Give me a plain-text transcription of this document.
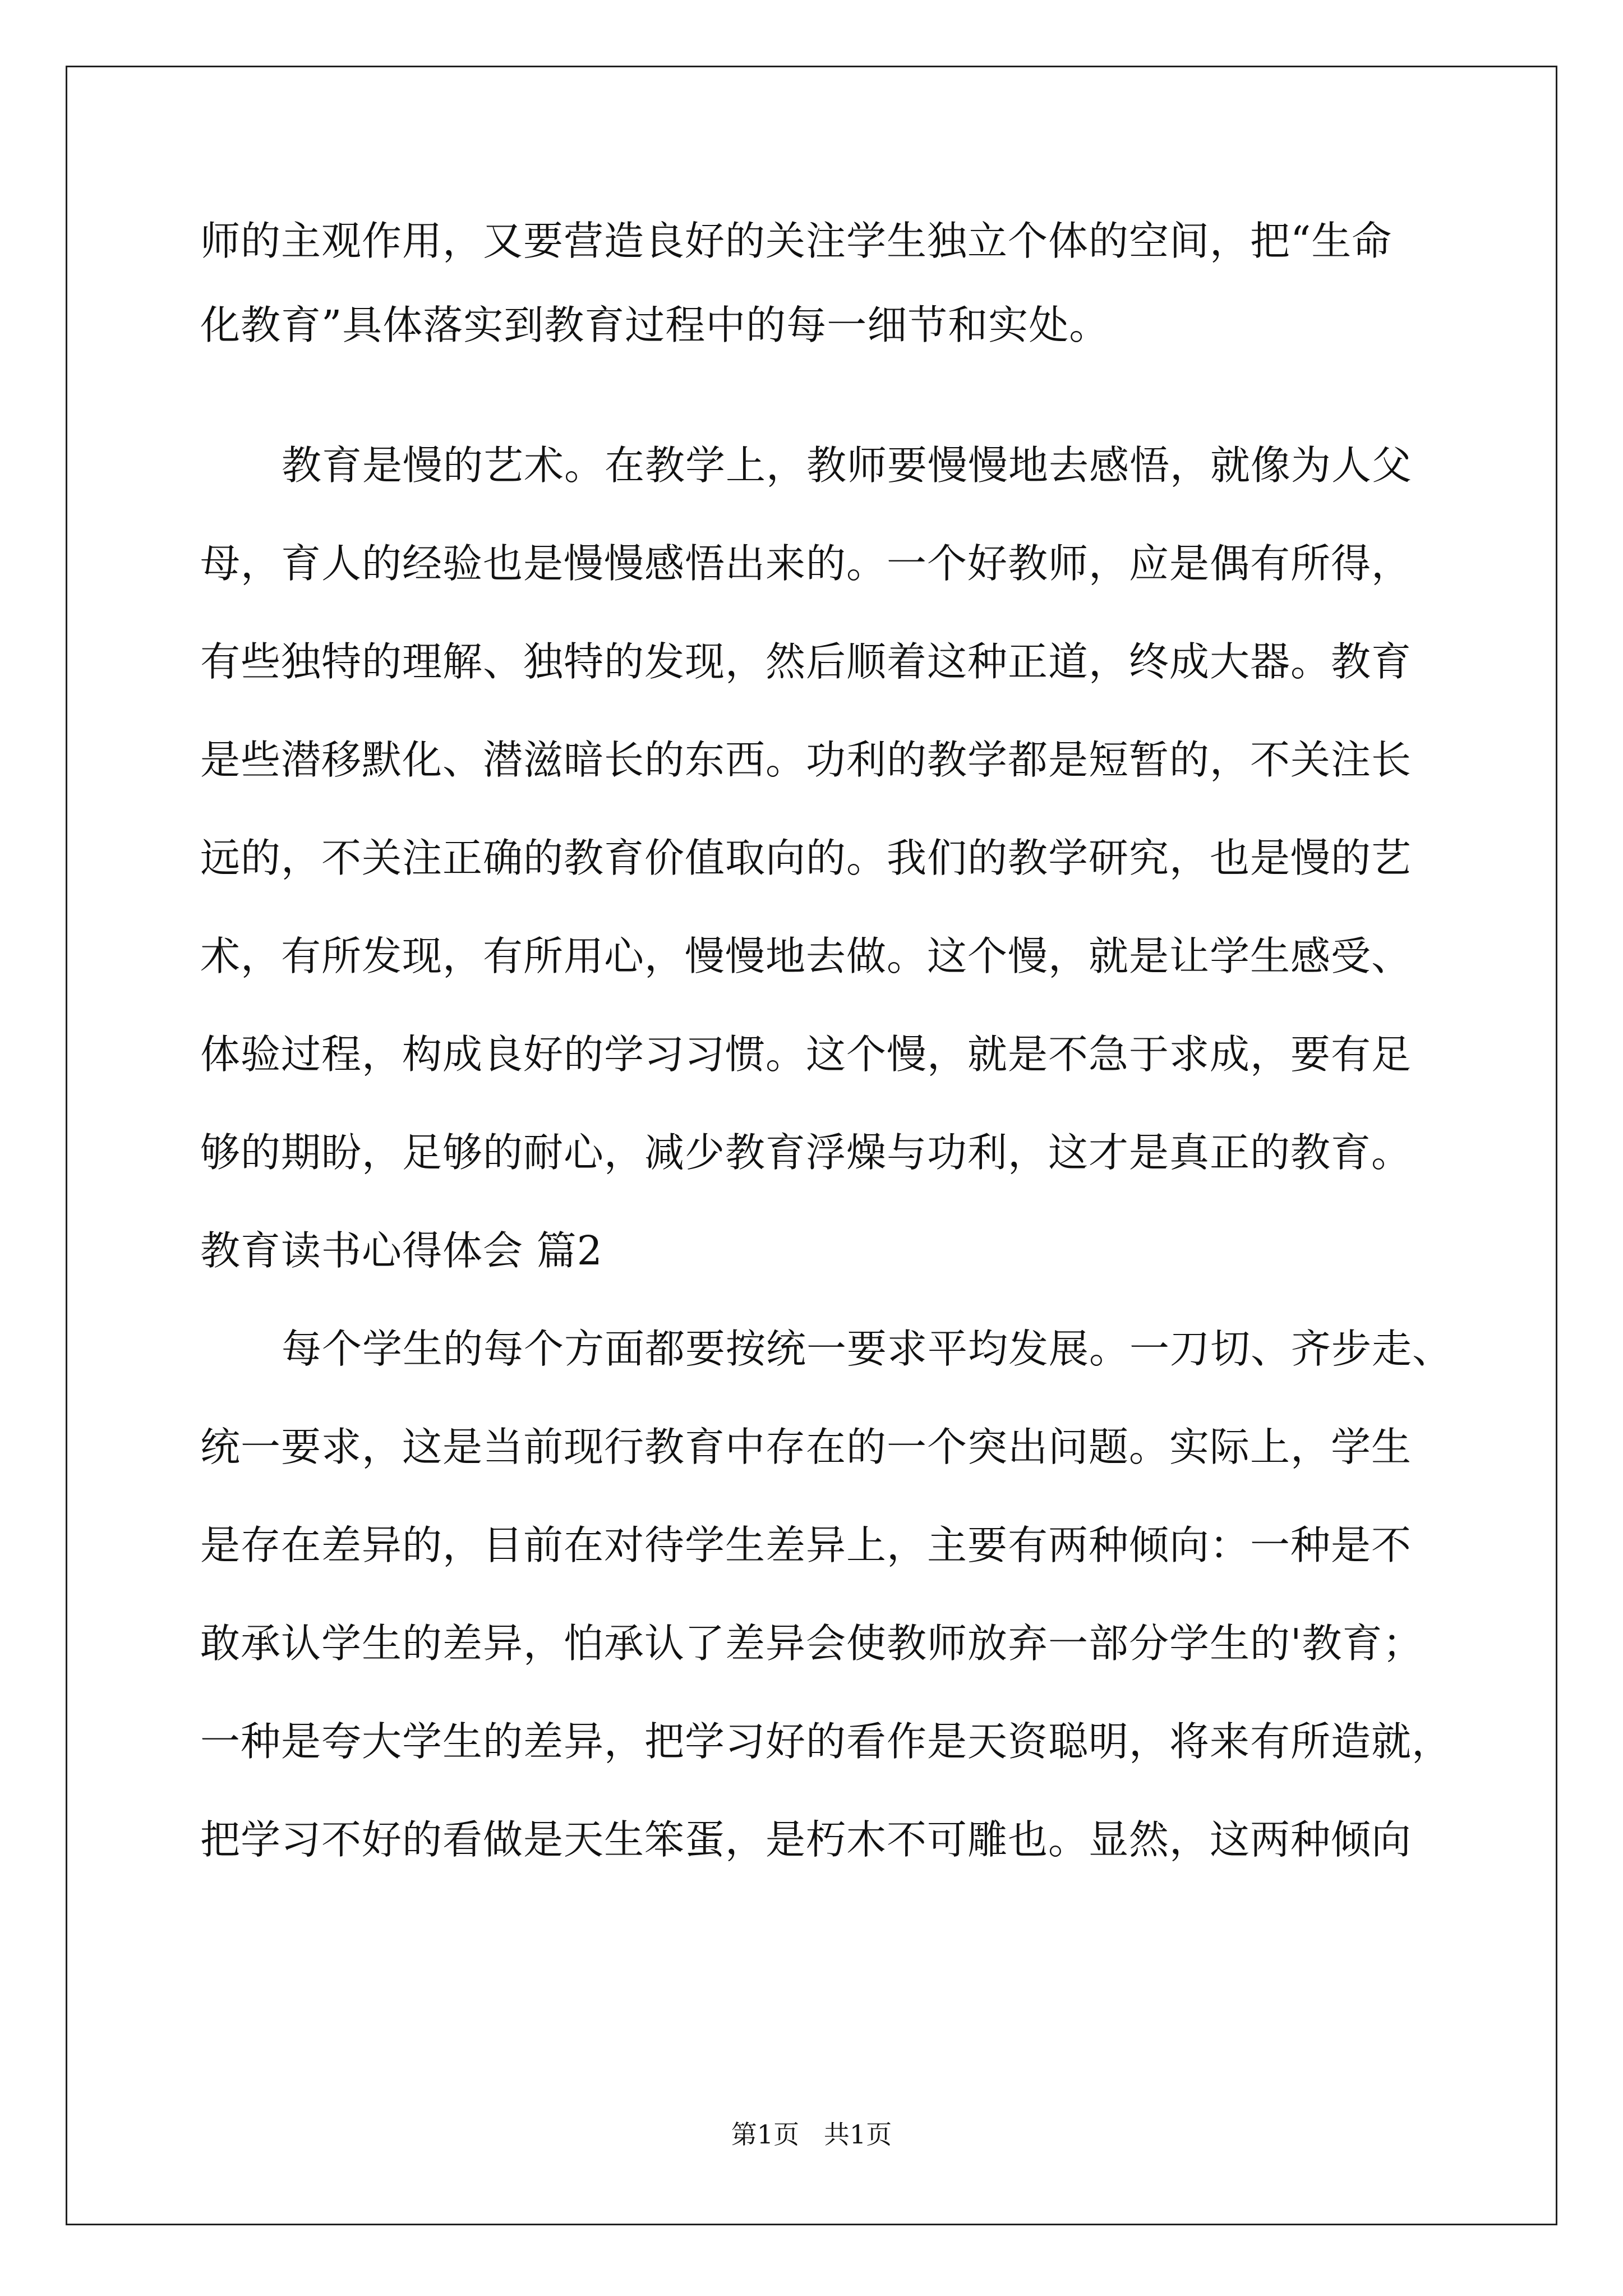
师的主观作用，又要营造良好的关注学生独立个体的空间，把“生命

化教育”具体落实到教育过程中的每一细节和实处。

教育是慢的艺术。在教学上，教师要慢慢地去感悟，就像为人父

母，育人的经验也是慢慢感悟出来的。一个好教师，应是偶有所得，

有些独特的理解、独特的发现，然后顺着这种正道，终成大器。教育

是些潜移默化、潜滋暗长的东西。功利的教学都是短暂的，不关注长

远的，不关注正确的教育价值取向的。我们的教学研究，也是慢的艺

术，有所发现，有所用心，慢慢地去做。这个慢，就是让学生感受、

体验过程，构成良好的学习习惯。这个慢，就是不急于求成，要有足

够的期盼，足够的耐心，减少教育浮燥与功利，这才是真正的教育。

教育读书心得体会 篇2

每个学生的每个方面都要按统一要求平均发展。一刀切、齐步走、

统一要求，这是当前现行教育中存在的一个突出问题。实际上，学生

是存在差异的，目前在对待学生差异上，主要有两种倾向：一种是不

敢承认学生的差异，怕承认了差异会使教师放弃一部分学生的'教育；

一种是夸大学生的差异，把学习好的看作是天资聪明，将来有所造就，

把学习不好的看做是天生笨蛋，是朽木不可雕也。显然，这两种倾向

第1页   共1页
